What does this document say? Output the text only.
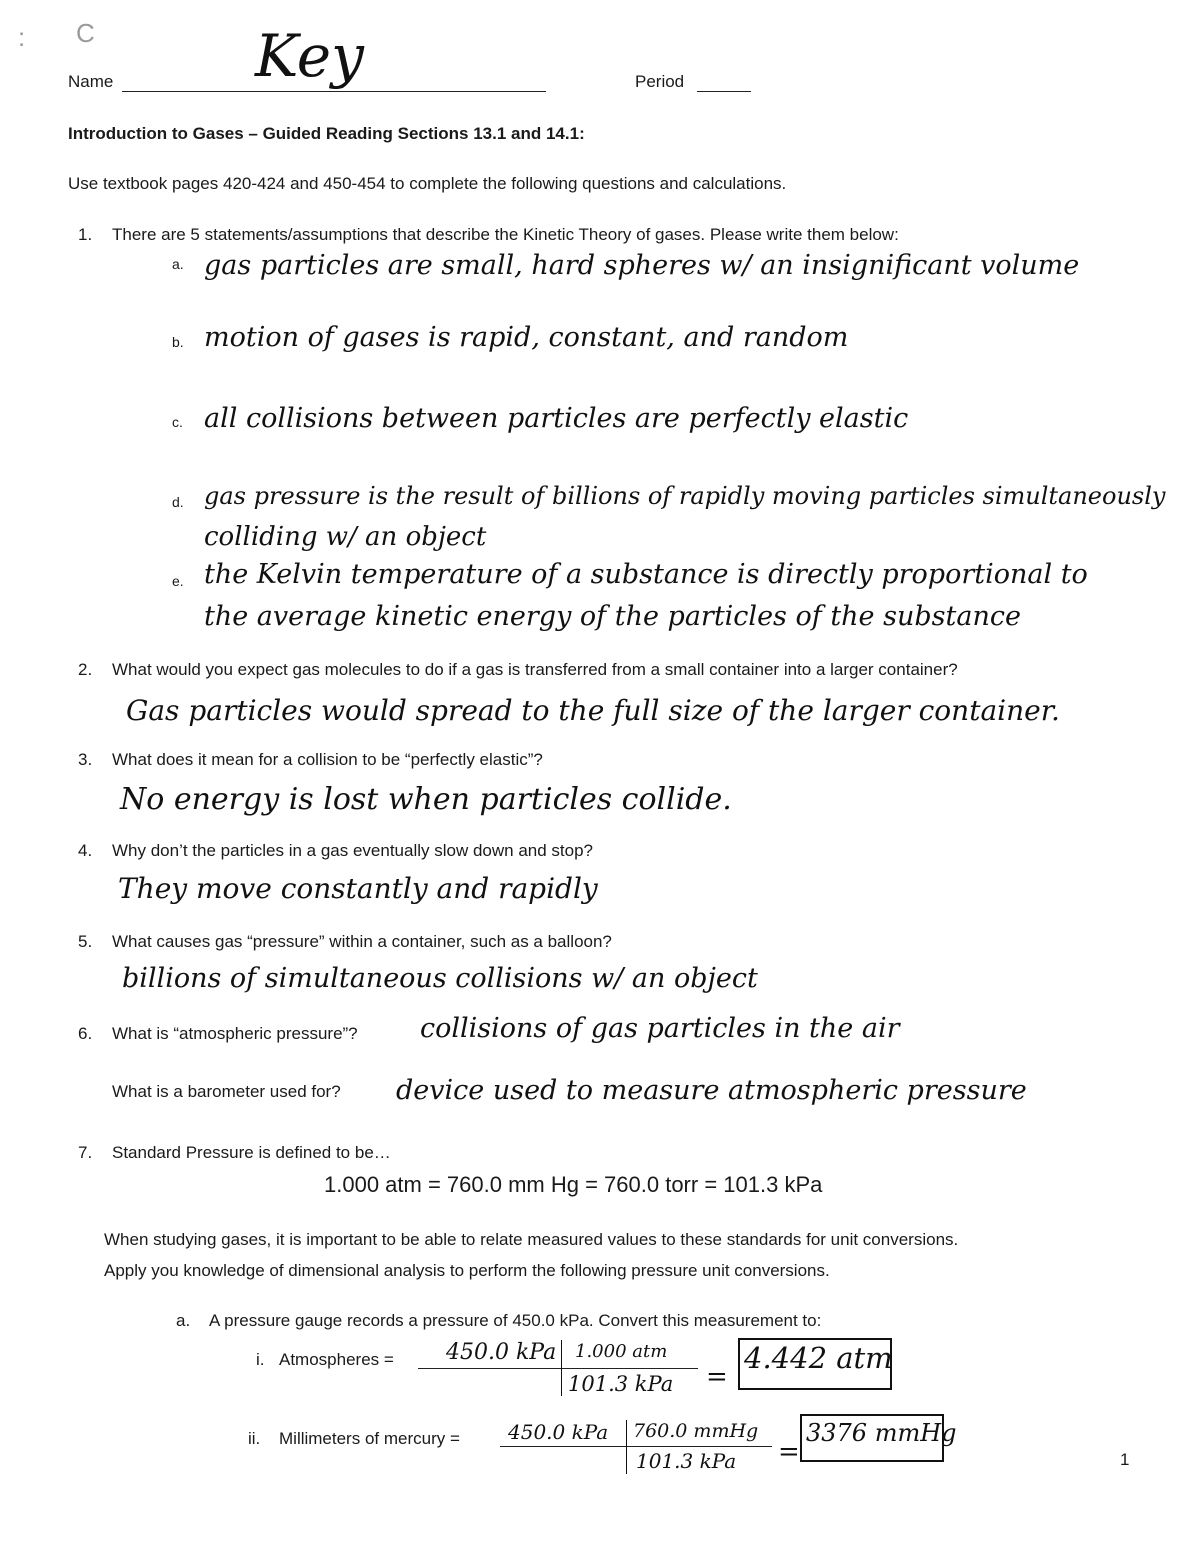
: C
Name Key	Period
Introduction to Gases – Guided Reading Sections 13.1 and 14.1:
Use textbook pages 420-424 and 450-454 to complete the following questions and calculations.
1. There are 5 statements/assumptions that describe the Kinetic Theory of gases. Please write them below:
a. gas particles are small, hard spheres w/ an insignificant volume
b. motion of gases is rapid, constant, and random
c. all collisions between particles are perfectly elastic
d. gas pressure is the result of billions of rapidly moving particles simultaneously
colliding w/ an object
e. the Kelvin temperature of a substance is directly proportional to
the average kinetic energy of the particles of the substance
2. What would you expect gas molecules to do if a gas is transferred from a small container into a larger container?
Gas particles would spread to the full size of the larger container.
3. What does it mean for a collision to be “perfectly elastic”?
No energy is lost when particles collide.
4. Why don’t the particles in a gas eventually slow down and stop?
They move constantly and rapidly
5. What causes gas “pressure” within a container, such as a balloon?
billions of simultaneous collisions w/ an object
6. What is “atmospheric pressure”? collisions of gas particles in the air
What is a barometer used for? device used to measure atmospheric pressure
7. Standard Pressure is defined to be…
1.000 atm = 760.0 mm Hg = 760.0 torr = 101.3 kPa
When studying gases, it is important to be able to relate measured values to these standards for unit conversions.
Apply you knowledge of dimensional analysis to perform the following pressure unit conversions.
a. A pressure gauge records a pressure of 450.0 kPa. Convert this measurement to:
i. Atmospheres = 450.0 kPa 1.000 atm
101.3 kPa =
4.442 atm
ii. Millimeters of mercury = 450.0 kPa 760.0 mmHg
101.3 kPa =
3376 mmHg
1
